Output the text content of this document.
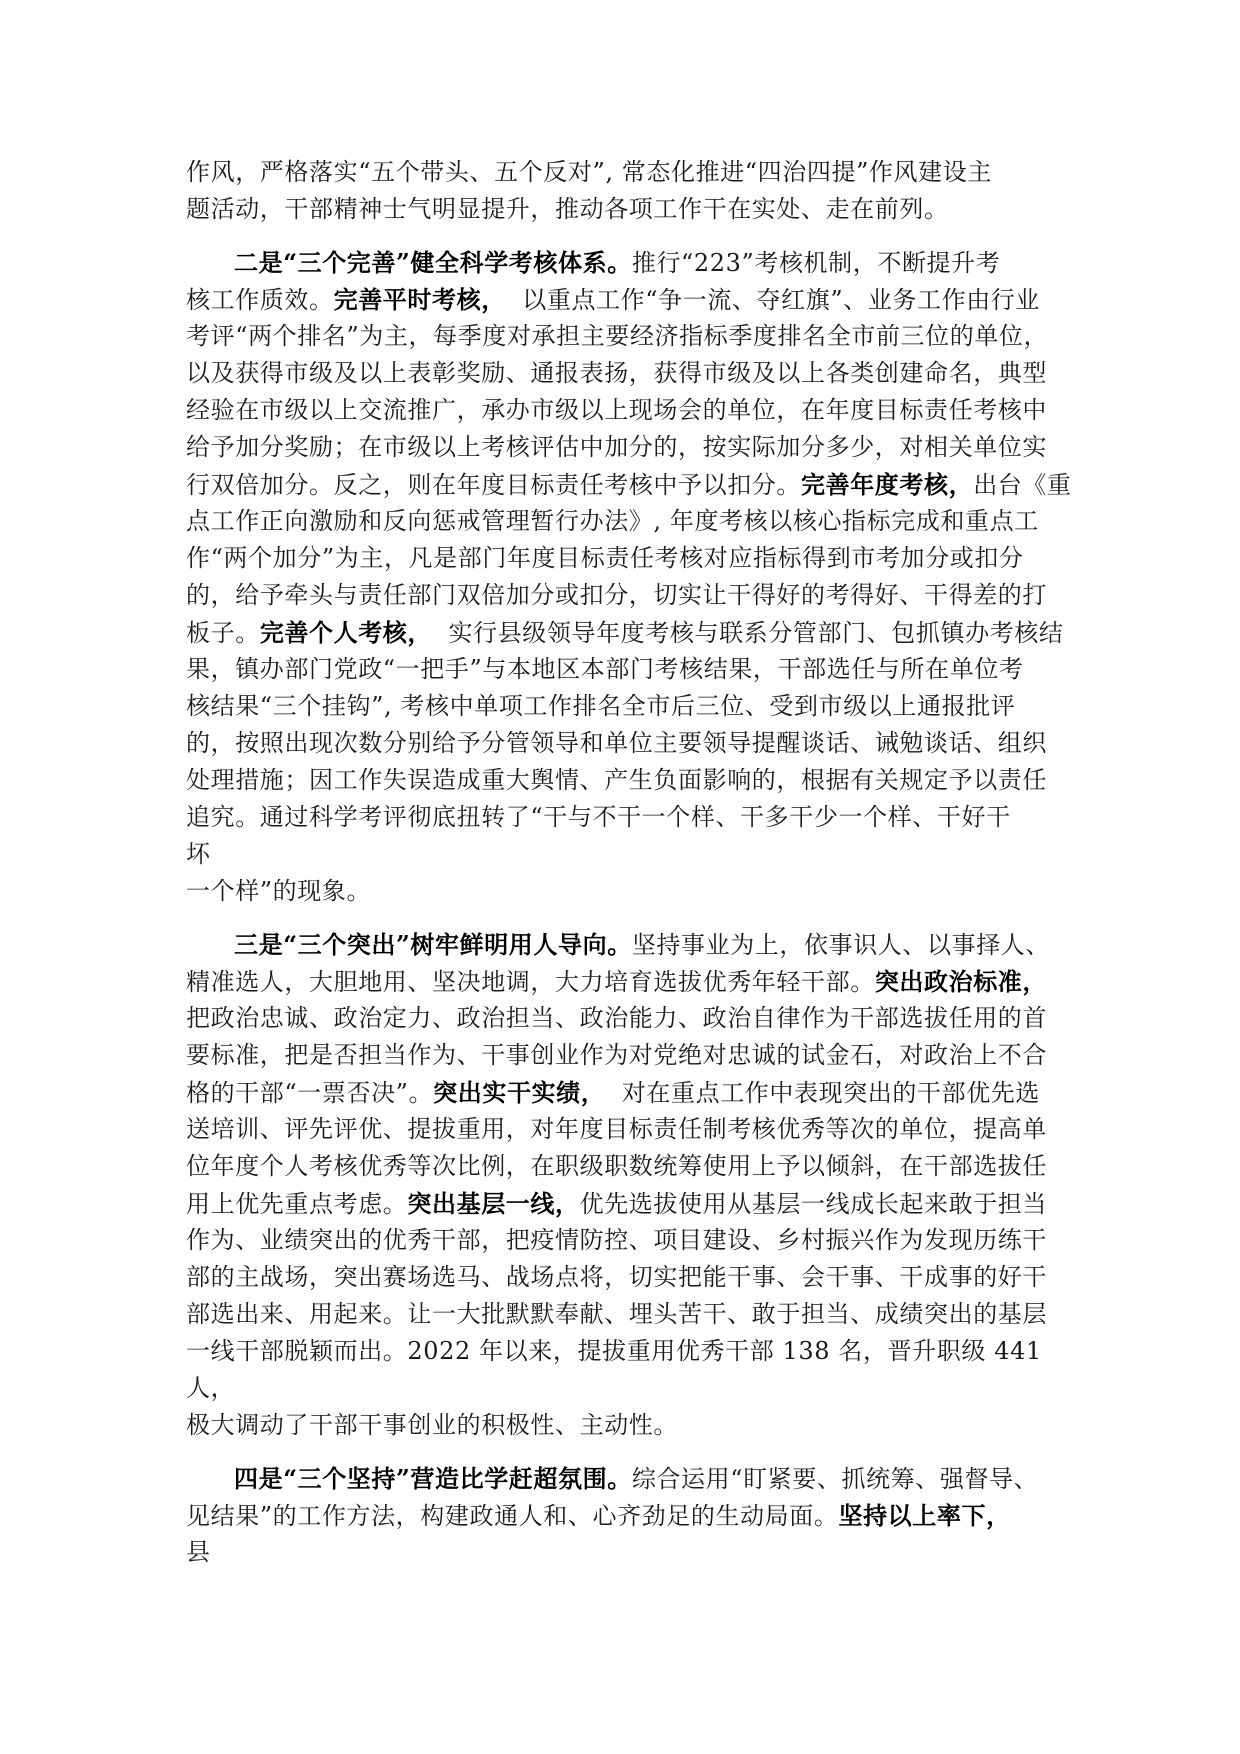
作风，严格落实“五个带头、五个反对”, 常态化推进“四治四提”作风建设主
题活动，干部精神士气明显提升，推动各项工作干在实处、走在前列。
二是“三个完善”健全科学考核体系。推行“223”考核机制，不断提升考
核工作质效。完善平时考核，  以重点工作“争一流、夺红旗”、业务工作由行业
考评“两个排名”为主，每季度对承担主要经济指标季度排名全市前三位的单位，
以及获得市级及以上表彰奖励、通报表扬，获得市级及以上各类创建命名，典型
经验在市级以上交流推广，承办市级以上现场会的单位，在年度目标责任考核中
给予加分奖励；在市级以上考核评估中加分的，按实际加分多少，对相关单位实
行双倍加分。反之，则在年度目标责任考核中予以扣分。完善年度考核，出台《重
点工作正向激励和反向惩戒管理暂行办法》, 年度考核以核心指标完成和重点工
作“两个加分”为主，凡是部门年度目标责任考核对应指标得到市考加分或扣分
的，给予牵头与责任部门双倍加分或扣分，切实让干得好的考得好、干得差的打
板子。完善个人考核，  实行县级领导年度考核与联系分管部门、包抓镇办考核结
果，镇办部门党政“一把手”与本地区本部门考核结果，干部选任与所在单位考
核结果“三个挂钩”, 考核中单项工作排名全市后三位、受到市级以上通报批评
的，按照出现次数分别给予分管领导和单位主要领导提醒谈话、诫勉谈话、组织
处理措施；因工作失误造成重大舆情、产生负面影响的，根据有关规定予以责任
追究。通过科学考评彻底扭转了“干与不干一个样、干多干少一个样、干好干
坏
一个样”的现象。
三是“三个突出”树牢鲜明用人导向。坚持事业为上，依事识人、以事择人、
精准选人，大胆地用、坚决地调，大力培育选拔优秀年轻干部。突出政治标准，
把政治忠诚、政治定力、政治担当、政治能力、政治自律作为干部选拔任用的首
要标准，把是否担当作为、干事创业作为对党绝对忠诚的试金石，对政治上不合
格的干部“一票否决”。突出实干实绩，  对在重点工作中表现突出的干部优先选
送培训、评先评优、提拔重用，对年度目标责任制考核优秀等次的单位，提高单
位年度个人考核优秀等次比例，在职级职数统筹使用上予以倾斜，在干部选拔任
用上优先重点考虑。突出基层一线，优先选拔使用从基层一线成长起来敢于担当
作为、业绩突出的优秀干部，把疫情防控、项目建设、乡村振兴作为发现历练干
部的主战场，突出赛场选马、战场点将，切实把能干事、会干事、干成事的好干
部选出来、用起来。让一大批默默奉献、埋头苦干、敢于担当、成绩突出的基层
一线干部脱颖而出。2022 年以来，提拔重用优秀干部 138 名，晋升职级 441
人，
极大调动了干部干事创业的积极性、主动性。
四是“三个坚持”营造比学赶超氛围。综合运用“盯紧要、抓统筹、强督导、
见结果”的工作方法，构建政通人和、心齐劲足的生动局面。坚持以上率下，
县
